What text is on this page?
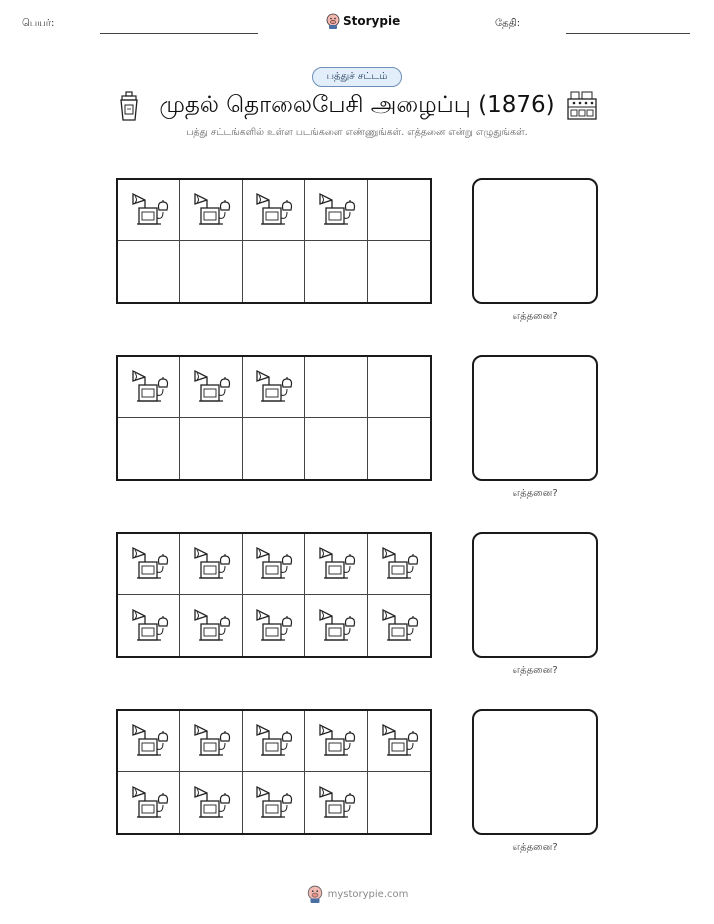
பெயர்:	Storypie	தேதி:
பத்துச் சட்டம்
முதல் தொலைபேசி அழைப்பு (1876)
பத்து சட்டங்களில் உள்ள படங்களை எண்ணுங்கள். எத்தனை என்று எழுதுங்கள்.
எத்தனை?
எத்தனை?
எத்தனை?
எத்தனை?
mystorypie.com
